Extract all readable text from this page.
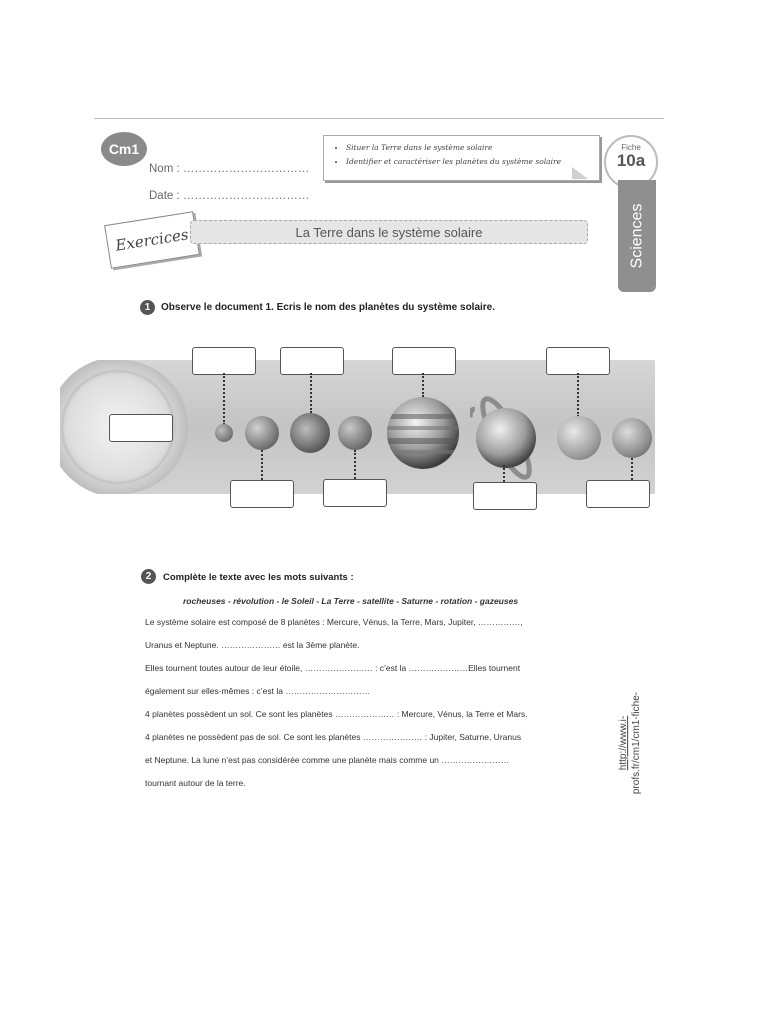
Cm1
Nom : ……………………………
Date : ……………………………
• Situer la Terre dans le système solaire
• Identifier et caractériser les planètes du système solaire
Fiche
10a
Sciences
Exercices	La Terre dans le système solaire
1	Observe le document 1. Ecris le nom des planètes du système solaire.
2	Complète le texte avec les mots suivants :
rocheuses - révolution - le Soleil - La Terre - satellite - Saturne - rotation - gazeuses
Le système solaire est composé de 8 planètes : Mercure, Vénus, la Terre, Mars, Jupiter, ……………,
Uranus et Neptune. ………………… est la 3ème planète.
Elles tournent toutes autour de leur étoile, …………………… : c’est la …………………Elles tournent
également sur elles-mêmes : c’est la …………………………
4 planètes possèdent un sol. Ce sont les planètes ………………… : Mercure, Vénus, la Terre et Mars.
4 planètes ne possèdent pas de sol. Ce sont les planètes ………………… : Jupiter, Saturne, Uranus
et Neptune. La lune n’est pas considérée comme une planète mais comme un ……………………
tournant autour de la terre.
http://www.i- profs.fr/cm1/cm1-fiche-
